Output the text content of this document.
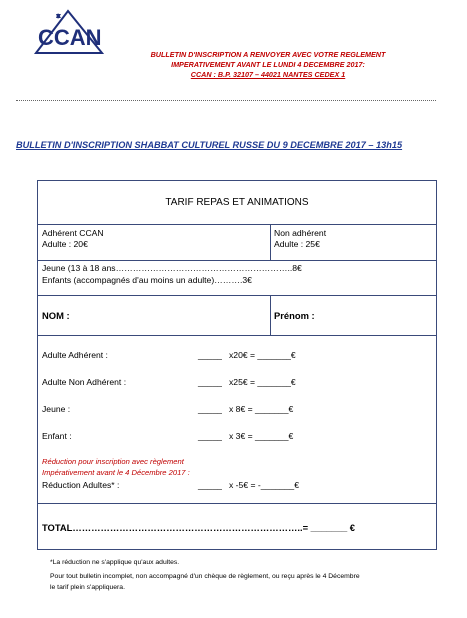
CCAN
BULLETIN D'INSCRIPTION A RENVOYER AVEC VOTRE REGLEMENT
IMPERATIVEMENT AVANT LE LUNDI 4 DECEMBRE 2017:
CCAN : B.P. 32107 – 44021 NANTES CEDEX 1
BULLETIN D'INSCRIPTION SHABBAT CULTUREL RUSSE DU 9 DECEMBRE 2017 – 13h15
TARIF REPAS ET ANIMATIONS
Adhérent CCAN
Adulte : 20€
Non adhérent
Adulte : 25€
Jeune (13 à 18 ans……………………………………………………..8€
Enfants (accompagnés d'au moins un adulte)……….3€
NOM :	Prénom :
Adulte Adhérent :	_____ x20€ = _______€
Adulte Non Adhérent :	_____ x25€ = _______€
Jeune :	_____ x 8€ = _______€
Enfant :	_____ x 3€ = _______€
Réduction pour inscription avec règlement
Impérativement avant le 4 Décembre 2017 :
Réduction Adultes* :	_____ x -5€ = -_______€
TOTAL………………………………………………………………..= _______ €
*La réduction ne s'applique qu'aux adultes.
Pour tout bulletin incomplet, non accompagné d'un chèque de règlement, ou reçu après le 4 Décembre
le tarif plein s'appliquera.
